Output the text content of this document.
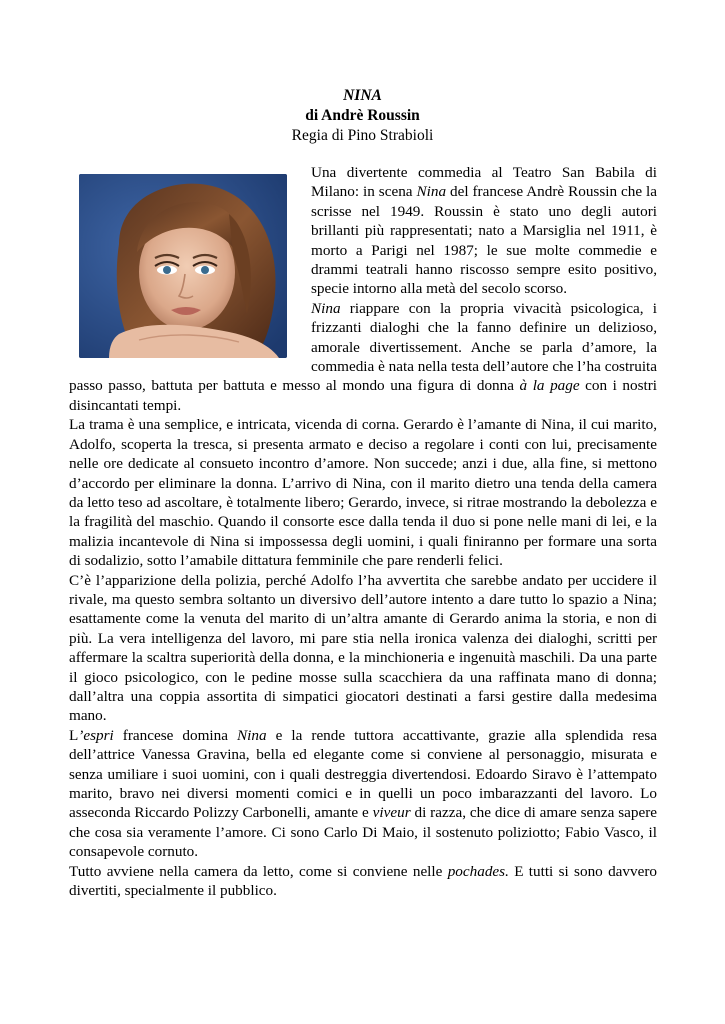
NINA
di Andrè Roussin
Regia di Pino Strabioli

Una divertente commedia al Teatro San Babila di Milano: in scena Nina del francese Andrè Roussin che la scrisse nel 1949. Roussin è stato uno degli autori brillanti più rappresentati; nato a Marsiglia nel 1911, è morto a Parigi nel 1987; le sue molte commedie e drammi teatrali hanno riscosso sempre esito positivo, specie intorno alla metà del secolo scorso.

Nina riappare con la propria vivacità psicologica, i frizzanti dialoghi che la fanno definire un delizioso, amorale divertissement. Anche se parla d’amore, la commedia è nata nella testa dell’autore che l’ha costruita passo passo, battuta per battuta e messo al mondo una figura di donna à la page con i nostri disincantati tempi.

La trama è una semplice, e intricata, vicenda di corna. Gerardo è l’amante di Nina, il cui marito, Adolfo, scoperta la tresca, si presenta armato e deciso a regolare i conti con lui, precisamente nelle ore dedicate al consueto incontro d’amore. Non succede; anzi i due, alla fine, si mettono d’accordo per eliminare la donna. L’arrivo di Nina, con il marito dietro una tenda della camera da letto teso ad ascoltare, è totalmente libero; Gerardo, invece, si ritrae mostrando la debolezza e la fragilità del maschio. Quando il consorte esce dalla tenda il duo si pone nelle mani di lei, e la malizia incantevole di Nina si impossessa degli uomini, i quali finiranno per formare una sorta di sodalizio, sotto l’amabile dittatura femminile che pare renderli felici.

C’è l’apparizione della polizia, perché Adolfo l’ha avvertita che sarebbe andato per uccidere il rivale, ma questo sembra soltanto un diversivo dell’autore intento a dare tutto lo spazio a Nina; esattamente come la venuta del marito di un’altra amante di Gerardo anima la storia, e non di più. La vera intelligenza del lavoro, mi pare stia nella ironica valenza dei dialoghi, scritti per affermare la scaltra superiorità della donna, e la minchioneria e ingenuità maschili. Da una parte il gioco psicologico, con le pedine mosse sulla scacchiera da una raffinata mano di donna; dall’altra una coppia assortita di simpatici giocatori destinati a farsi gestire dalla medesima mano.

L’espri francese domina Nina e la rende tuttora accattivante, grazie alla splendida resa dell’attrice Vanessa Gravina, bella ed elegante come si conviene al personaggio, misurata e senza umiliare i suoi uomini, con i quali destreggia divertendosi. Edoardo Siravo è l’attempato marito, bravo nei diversi momenti comici e in quelli un poco imbarazzanti del lavoro. Lo asseconda Riccardo Polizzy Carbonelli, amante e viveur di razza, che dice di amare senza sapere che cosa sia veramente l’amore. Ci sono Carlo Di Maio, il sostenuto poliziotto; Fabio Vasco, il consapevole cornuto.

Tutto avviene nella camera da letto, come si conviene nelle pochades. E tutti si sono davvero divertiti, specialmente il pubblico.
